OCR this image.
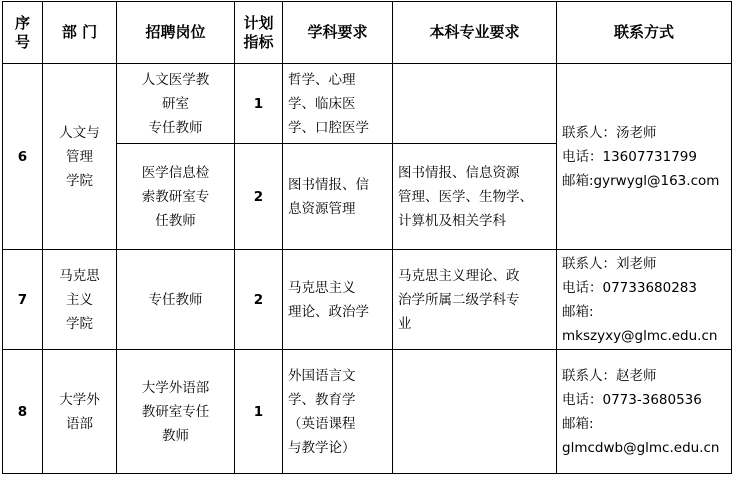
序
号	部 门	招聘岗位	计划
指标	学科要求	本科专业要求	联系方式
6	人文与
管理
学院	人文医学教
研室
专任教师	1	哲学、心理
学、临床医
学、口腔医学		联系人：汤老师
电话：13607731799
邮箱:gyrwygl@163.com

		医学信息检
索教研室专
任教师	2	图书情报、信
息资源管理	图书情报、信息资源
管理、医学、生物学、
计算机及相关学科	

7	马克思
主义
学院	专任教师	2	马克思主义
理论、政治学	马克思主义理论、政
治学所属二级学科专
业	联系人：刘老师
电话：07733680283
邮箱:
mkszyxy@glmc.edu.cn

8	大学外
语部	大学外语部
教研室专任
教师	1	外国语言文
学、教育学
（英语课程
与教学论）		联系人：赵老师
电话：0773-3680536
邮箱:
glmcdwb@glmc.edu.cn
